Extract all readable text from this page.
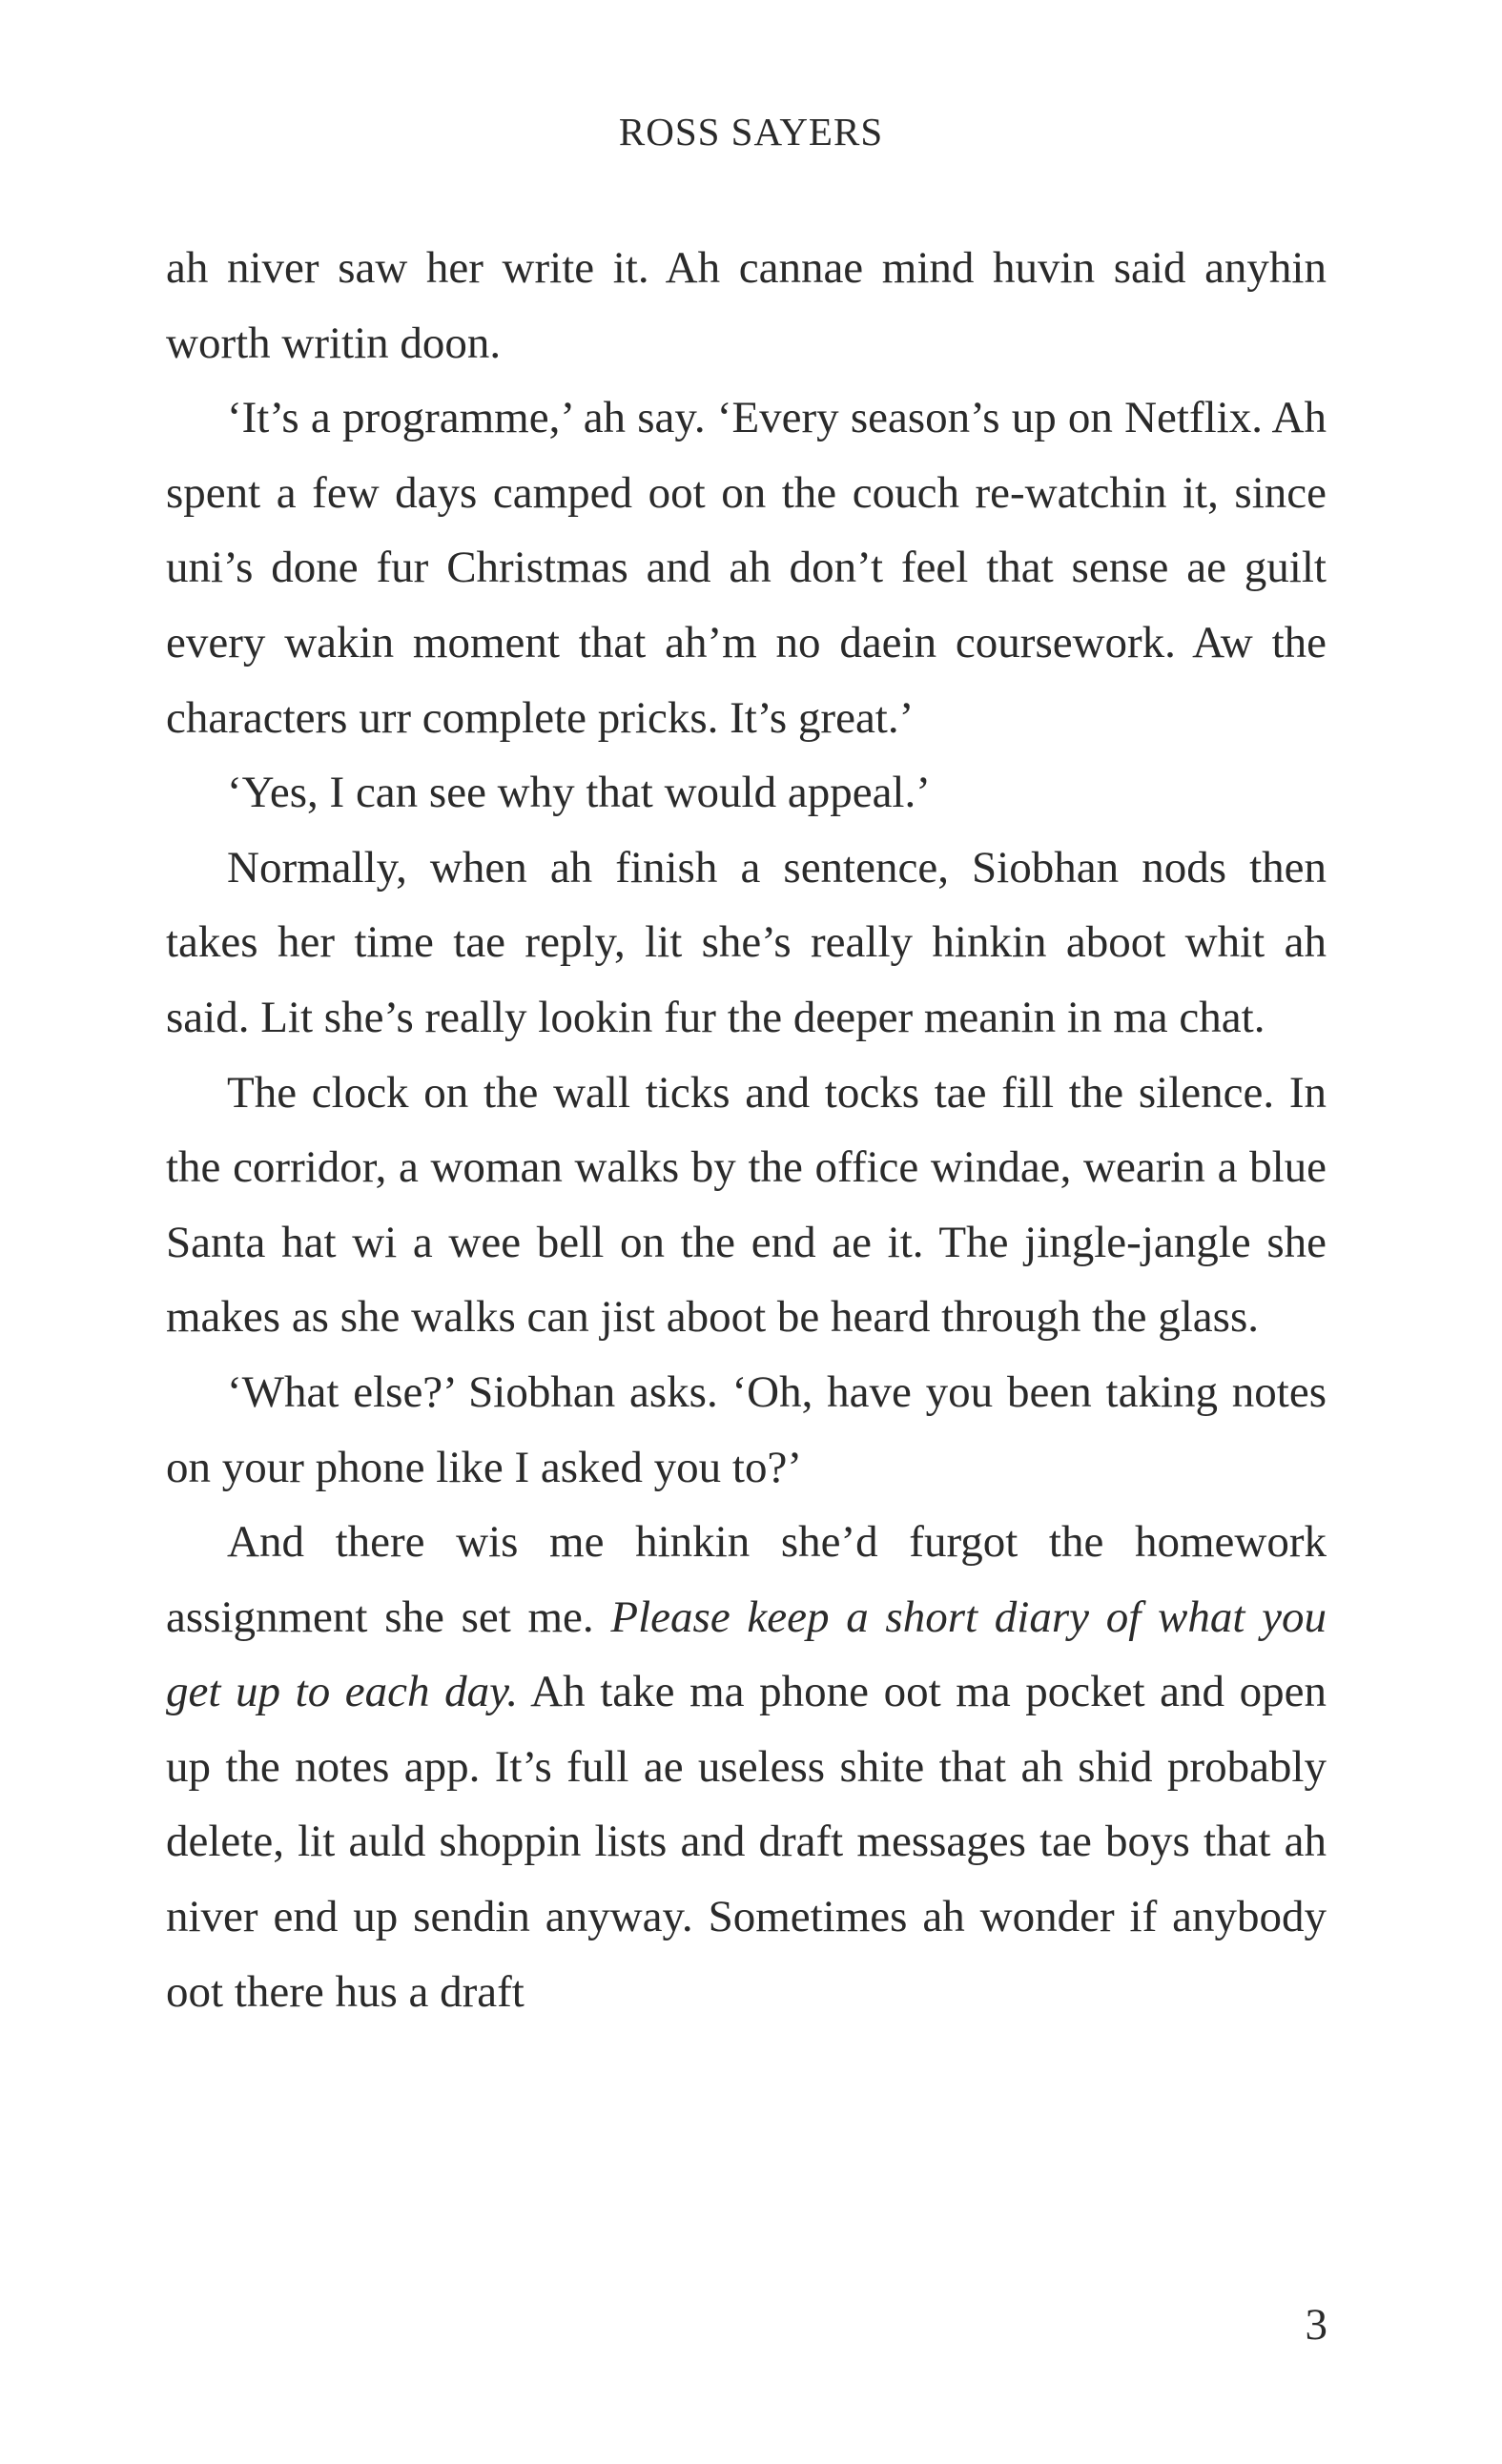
ROSS SAYERS

ah niver saw her write it. Ah cannae mind huvin said anyhin worth writin doon.

‘It’s a programme,’ ah say. ‘Every season’s up on Netflix. Ah spent a few days camped oot on the couch re-watchin it, since uni’s done fur Christmas and ah don’t feel that sense ae guilt every wakin moment that ah’m no daein coursework. Aw the characters urr complete pricks. It’s great.’

‘Yes, I can see why that would appeal.’

Normally, when ah finish a sentence, Siobhan nods then takes her time tae reply, lit she’s really hinkin aboot whit ah said. Lit she’s really lookin fur the deeper meanin in ma chat.

The clock on the wall ticks and tocks tae fill the silence. In the corridor, a woman walks by the office windae, wearin a blue Santa hat wi a wee bell on the end ae it. The jingle-jangle she makes as she walks can jist aboot be heard through the glass.

‘What else?’ Siobhan asks. ‘Oh, have you been taking notes on your phone like I asked you to?’

And there wis me hinkin she’d furgot the homework assignment she set me. Please keep a short diary of what you get up to each day. Ah take ma phone oot ma pocket and open up the notes app. It’s full ae useless shite that ah shid probably delete, lit auld shoppin lists and draft messages tae boys that ah niver end up sendin anyway. Sometimes ah wonder if anybody oot there hus a draft

3
